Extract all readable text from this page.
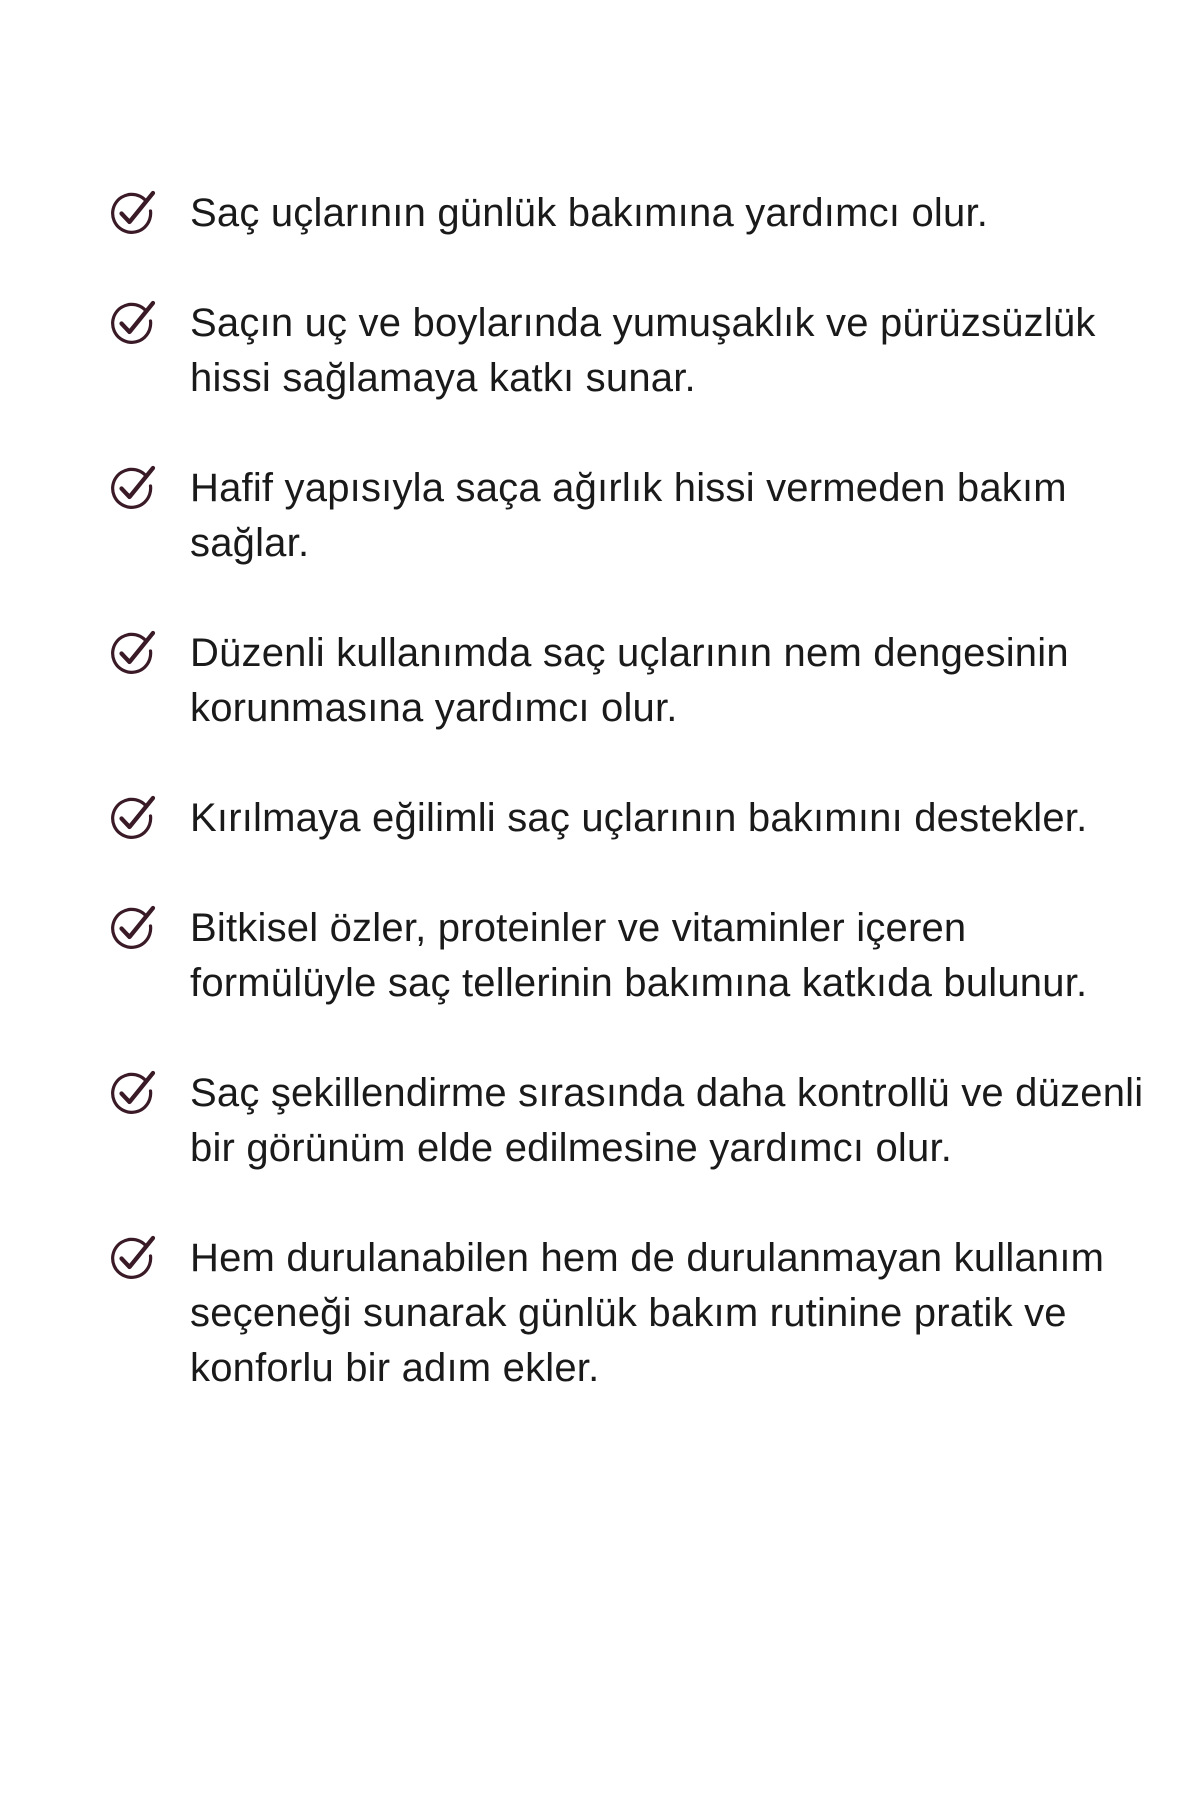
Saç uçlarının günlük bakımına yardımcı olur.
Saçın uç ve boylarında yumuşaklık ve pürüzsüzlük
hissi sağlamaya katkı sunar.
Hafif yapısıyla saça ağırlık hissi vermeden bakım
sağlar.
Düzenli kullanımda saç uçlarının nem dengesinin
korunmasına yardımcı olur.
Kırılmaya eğilimli saç uçlarının bakımını destekler.
Bitkisel özler, proteinler ve vitaminler içeren
formülüyle saç tellerinin bakımına katkıda bulunur.
Saç şekillendirme sırasında daha kontrollü ve düzenli
bir görünüm elde edilmesine yardımcı olur.
Hem durulanabilen hem de durulanmayan kullanım
seçeneği sunarak günlük bakım rutinine pratik ve
konforlu bir adım ekler.
